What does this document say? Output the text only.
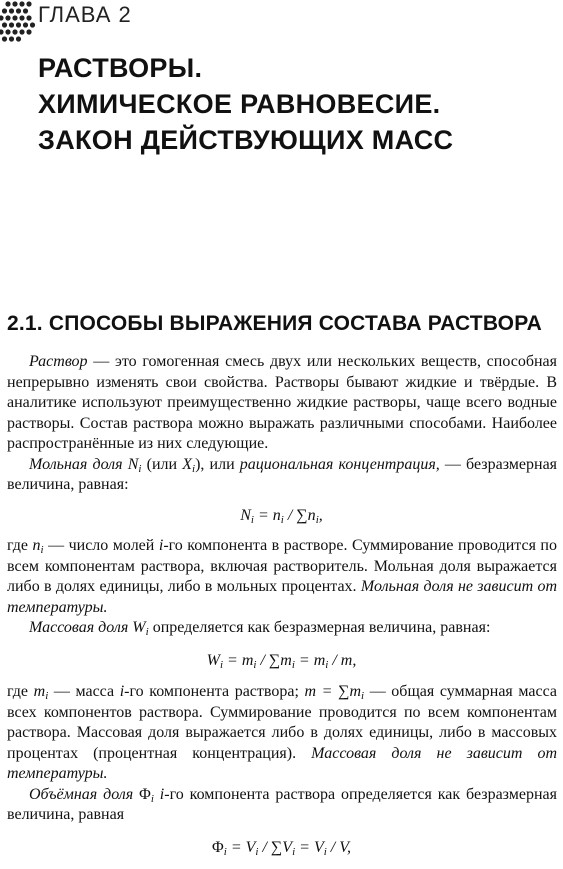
ГЛАВА 2
РАСТВОРЫ.
ХИМИЧЕСКОЕ РАВНОВЕСИЕ.
ЗАКОН ДЕЙСТВУЮЩИХ МАСС
2.1. СПОСОБЫ ВЫРАЖЕНИЯ СОСТАВА РАСТВОРА

Раствор — это гомогенная смесь двух или нескольких веществ, способная непрерывно изменять свои свойства. Растворы бывают жидкие и твёрдые. В аналитике используют преимущественно жидкие растворы, чаще всего водные растворы. Состав раствора можно выражать различными способами. Наиболее распространённые из них следующие.

Мольная доля $N_i$ (или $X_i$), или рациональная концентрация, — безразмерная величина, равная:

$N_i = n_i / \sum n_i$,

где $n_i$ — число молей i-го компонента в растворе. Суммирование проводится по всем компонентам раствора, включая растворитель. Мольная доля выражается либо в долях единицы, либо в мольных процентах. Мольная доля не зависит от температуры.

Массовая доля $W_i$ определяется как безразмерная величина, равная:

$W_i = m_i / \sum m_i = m_i / m$,

где $m_i$ — масса i-го компонента раствора; $m = \sum m_i$ — общая суммарная масса всех компонентов раствора. Суммирование проводится по всем компонентам раствора. Массовая доля выражается либо в долях единицы, либо в массовых процентах (процентная концентрация). Массовая доля не зависит от температуры.

Объёмная доля $\Phi_i$ i-го компонента раствора определяется как безразмерная величина, равная

$\Phi_i = V_i / \sum V_i = V_i / V$,
